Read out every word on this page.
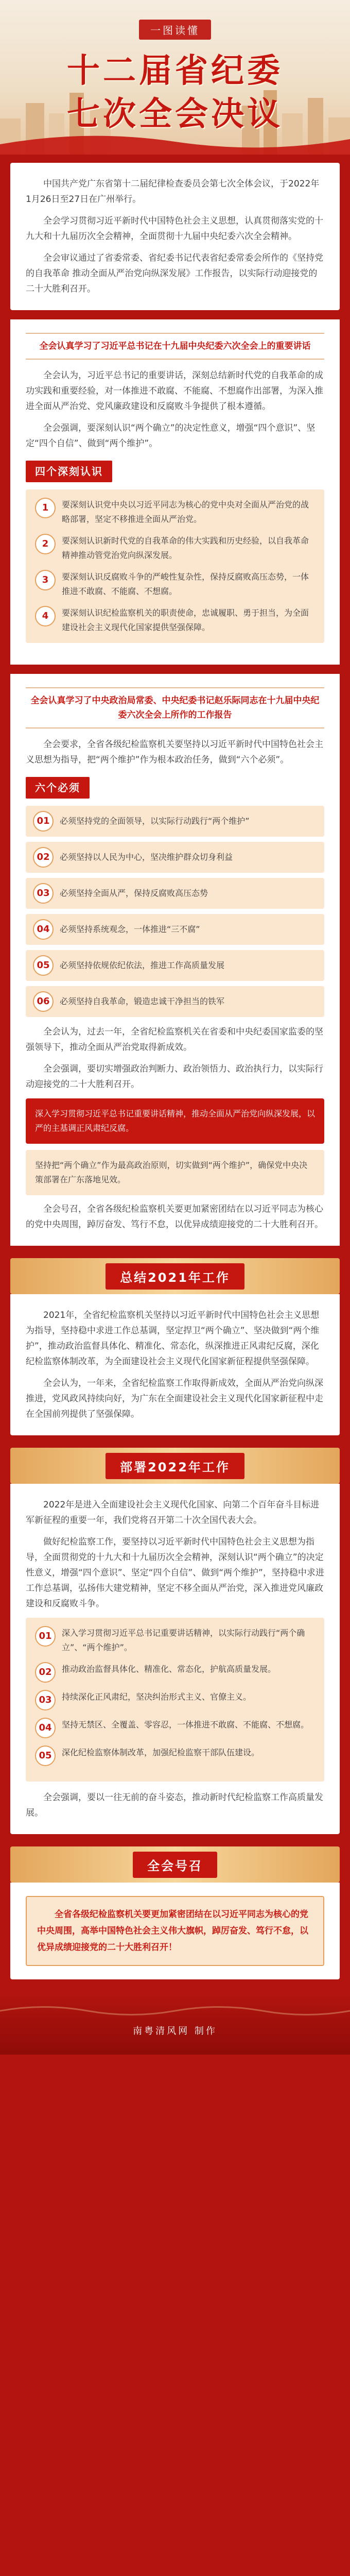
一图读懂
十二届省纪委
七次全会决议

中国共产党广东省第十二届纪律检查委员会第七次全体会议，于2022年1月26日至27日在广州举行。

全会学习贯彻习近平新时代中国特色社会主义思想，认真贯彻落实党的十九大和十九届历次全会精神，全面贯彻十九届中央纪委六次全会精神。

全会审议通过了省委常委、省纪委书记代表省纪委常委会所作的《坚持党的自我革命 推动全面从严治党向纵深发展》工作报告，以实际行动迎接党的二十大胜利召开。

全会认真学习了习近平总书记在十九届中央纪委六次全会上的重要讲话

全会认为，习近平总书记的重要讲话，深刻总结新时代党的自我革命的成功实践和重要经验，对一体推进不敢腐、不能腐、不想腐作出部署，为深入推进全面从严治党、党风廉政建设和反腐败斗争提供了根本遵循。

全会强调，要深刻认识“两个确立”的决定性意义，增强“四个意识”、坚定“四个自信”、做到“两个维护”。

四个深刻认识
1	要深刻认识党中央以习近平同志为核心的党中央对全面从严治党的战略部署，坚定不移推进全面从严治党。
2	要深刻认识新时代党的自我革命的伟大实践和历史经验，以自我革命精神推动管党治党向纵深发展。
3	要深刻认识反腐败斗争的严峻性复杂性，保持反腐败高压态势，一体推进不敢腐、不能腐、不想腐。
4	要深刻认识纪检监察机关的职责使命，忠诚履职、勇于担当，为全面建设社会主义现代化国家提供坚强保障。
全会认真学习了中央政治局常委、中央纪委书记赵乐际同志在十九届中央纪委六次全会上所作的工作报告

全会要求，全省各级纪检监察机关要坚持以习近平新时代中国特色社会主义思想为指导，把“两个维护”作为根本政治任务，做到“六个必须”。

六个必须
01	必须坚持党的全面领导，以实际行动践行“两个维护”
02	必须坚持以人民为中心，坚决维护群众切身利益
03	必须坚持全面从严，保持反腐败高压态势
04	必须坚持系统观念，一体推进“三不腐”
05	必须坚持依规依纪依法，推进工作高质量发展
06	必须坚持自我革命，锻造忠诚干净担当的铁军

全会认为，过去一年，全省纪检监察机关在省委和中央纪委国家监委的坚强领导下，推动全面从严治党取得新成效。

全会强调，要切实增强政治判断力、政治领悟力、政治执行力，以实际行动迎接党的二十大胜利召开。

深入学习贯彻习近平总书记重要讲话精神，推动全面从严治党向纵深发展，以严的主基调正风肃纪反腐。
坚持把“两个确立”作为最高政治原则，切实做到“两个维护”，确保党中央决策部署在广东落地见效。

全会号召，全省各级纪检监察机关要更加紧密团结在以习近平同志为核心的党中央周围，踔厉奋发、笃行不怠，以优异成绩迎接党的二十大胜利召开。

总结2021年工作

2021年，全省纪检监察机关坚持以习近平新时代中国特色社会主义思想为指导，坚持稳中求进工作总基调，坚定捍卫“两个确立”、坚决做到“两个维护”，推动政治监督具体化、精准化、常态化，纵深推进正风肃纪反腐，深化纪检监察体制改革，为全面建设社会主义现代化国家新征程提供坚强保障。

全会认为，一年来，全省纪检监察工作取得新成效，全面从严治党向纵深推进，党风政风持续向好，为广东在全面建设社会主义现代化国家新征程中走在全国前列提供了坚强保障。

部署2022年工作

2022年是进入全面建设社会主义现代化国家、向第二个百年奋斗目标进军新征程的重要一年，我们党将召开第二十次全国代表大会。

做好纪检监察工作，要坚持以习近平新时代中国特色社会主义思想为指导，全面贯彻党的十九大和十九届历次全会精神，深刻认识“两个确立”的决定性意义，增强“四个意识”、坚定“四个自信”、做到“两个维护”，坚持稳中求进工作总基调，弘扬伟大建党精神，坚定不移全面从严治党，深入推进党风廉政建设和反腐败斗争。

01	深入学习贯彻习近平总书记重要讲话精神，以实际行动践行“两个确立”、“两个维护”。
02	推动政治监督具体化、精准化、常态化，护航高质量发展。
03	持续深化正风肃纪，坚决纠治形式主义、官僚主义。
04	坚持无禁区、全覆盖、零容忍，一体推进不敢腐、不能腐、不想腐。
05	深化纪检监察体制改革，加强纪检监察干部队伍建设。

全会强调，要以一往无前的奋斗姿态，推动新时代纪检监察工作高质量发展。

全会号召
全省各级纪检监察机关要更加紧密团结在以习近平同志为核心的党中央周围，高举中国特色社会主义伟大旗帜，踔厉奋发、笃行不怠，以优异成绩迎接党的二十大胜利召开！
南粤清风网 制作
